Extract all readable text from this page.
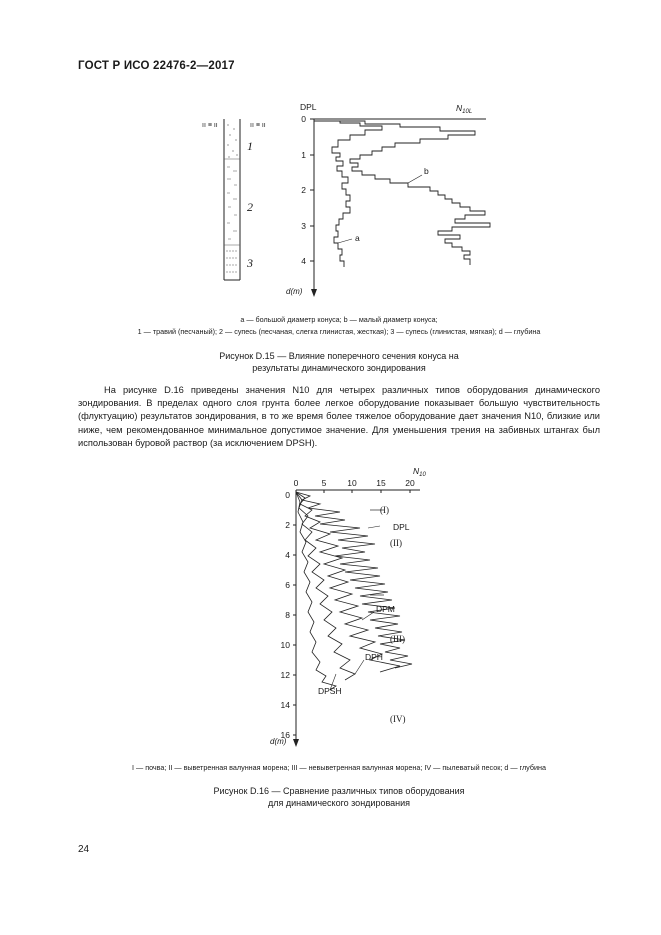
ГОСТ Р ИСО 22476-2—2017
ıı ≡ ıı	ıı ≡ ıı
1
2
3
DPL	$N_{10L}$
0
1
2
3
4
a
b
d(m)
a — большой диаметр конуса; b — малый диаметр конуса;
1 — травий (песчаный); 2 — супесь (песчаная, слегка глинистая, жесткая); 3 — супесь (глинистая, мягкая); d — глубина
Рисунок D.15 — Влияние поперечного сечения конуса на
результаты динамического зондирования

На рисунке D.16 приведены значения N10 для четырех различных типов оборудования динамического зондирования. В пределах одного слоя грунта более легкое оборудование показывает большую чувствительность (флуктуацию) результатов зондирования, в то же время более тяжелое оборудование дает значения N10, близкие или ниже, чем рекомендованное минимальное допустимое значение. Для уменьшения трения на забивных штангах был использован буровой раствор (за исключением DPSH).

$N_{10}$
0	5 10 15 20
0
2
4
6
8
10
12
14
16
DPL
DPM
DPH
DPSH
(I)
(II)
(III)
(IV)
d(m)
I — почва; II — выветренная валунная морена; III — невыветренная валунная морена; IV — пылеватый песок; d — глубина
Рисунок D.16 — Сравнение различных типов оборудования
для динамического зондирования
24
